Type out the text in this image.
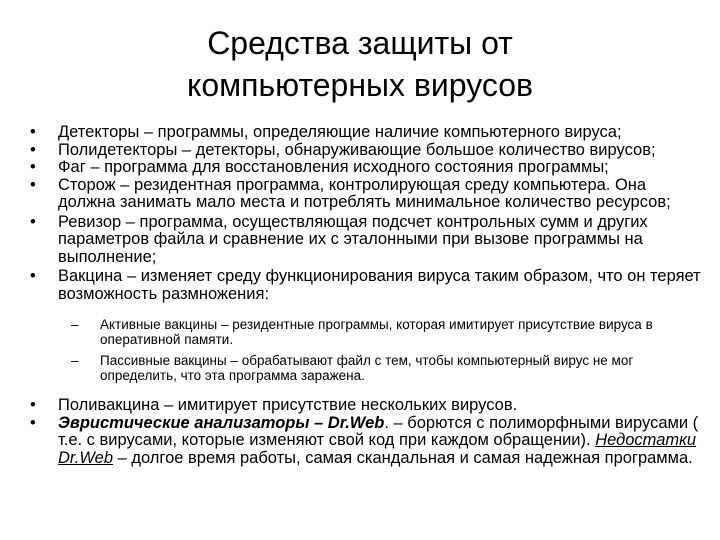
Средства защиты от
компьютерных вирусов
• Детекторы – программы, определяющие наличие компьютерного вируса;
• Полидетекторы – детекторы, обнаруживающие большое количество вирусов;
• Фаг – программа для восстановления исходного состояния программы;
• Сторож – резидентная программа, контролирующая среду компьютера. Она должна занимать мало места и потреблять минимальное количество ресурсов;
• Ревизор – программа, осуществляющая подсчет контрольных сумм и других параметров файла и сравнение их с эталонными при вызове программы на выполнение;
• Вакцина – изменяет среду функционирования вируса таким образом, что он теряет возможность размножения:
– Активные вакцины – резидентные программы, которая имитирует присутствие вируса в оперативной памяти.
– Пассивные вакцины – обрабатывают файл с тем, чтобы компьютерный вирус не мог определить, что эта программа заражена.
• Поливакцина – имитирует присутствие нескольких вирусов.
• Эвристические анализаторы – Dr.Web. – борются с полиморфными вирусами ( т.е. с вирусами, которые изменяют свой код при каждом обращении). Недостатки Dr.Web – долгое время работы, самая скандальная и самая надежная программа.
